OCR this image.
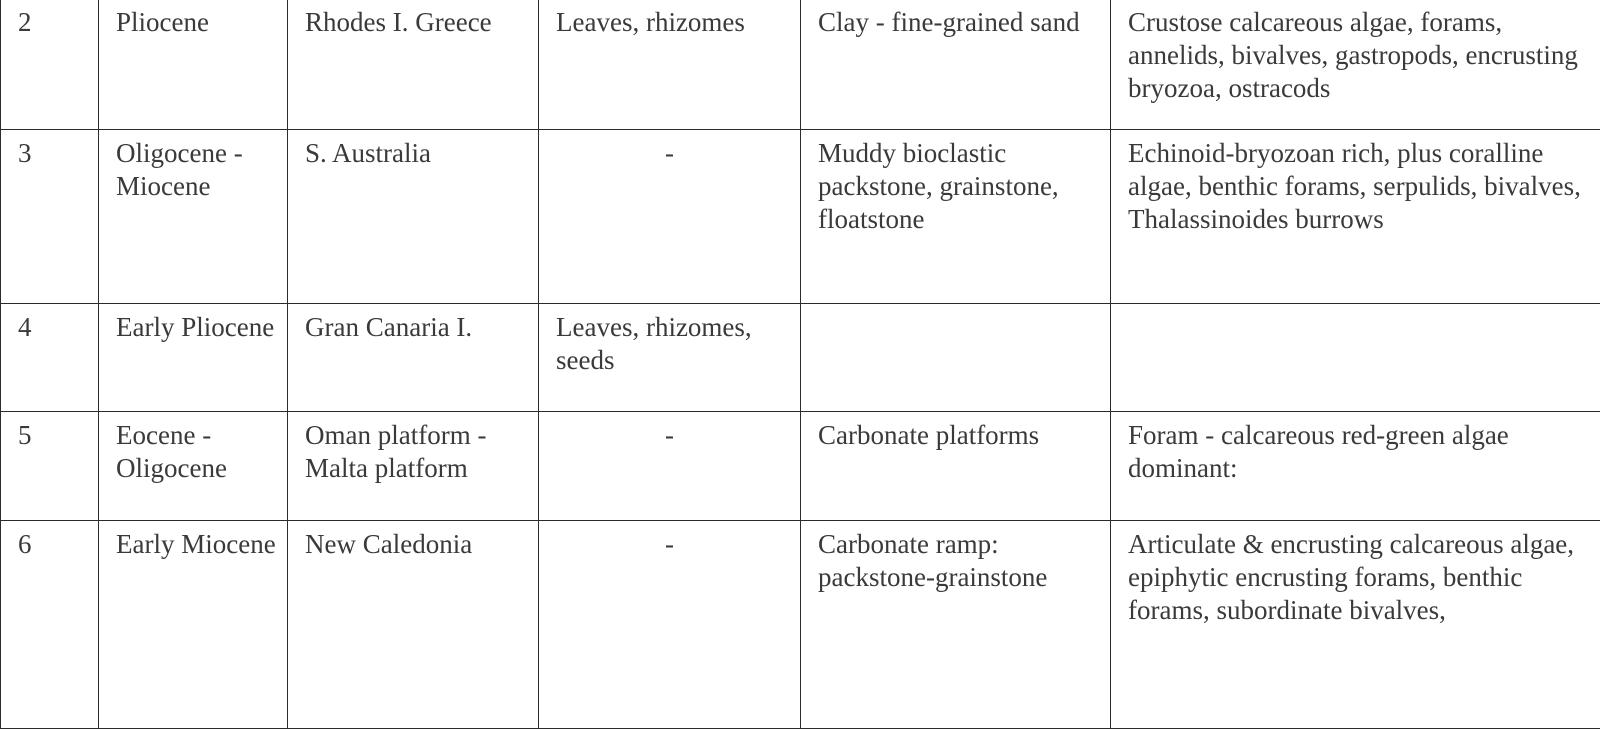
2	Pliocene	Rhodes I. Greece	Leaves, rhizomes	Clay - fine-grained sand	Crustose calcareous algae, forams, annelids, bivalves, gastropods, encrusting bryozoa, ostracods
3	Oligocene - Miocene	S. Australia	-	Muddy bioclastic packstone, grainstone, floatstone	Echinoid-bryozoan rich, plus coralline algae, benthic forams, serpulids, bivalves, Thalassinoides burrows
4	Early Pliocene	Gran Canaria I.	Leaves, rhizomes, seeds		
5	Eocene - Oligocene	Oman platform - Malta platform	-	Carbonate platforms	Foram - calcareous red-green algae dominant:
6	Early Miocene	New Caledonia	-	Carbonate ramp: packstone-grainstone	Articulate & encrusting calcareous algae, epiphytic encrusting forams, benthic forams, subordinate bivalves,
